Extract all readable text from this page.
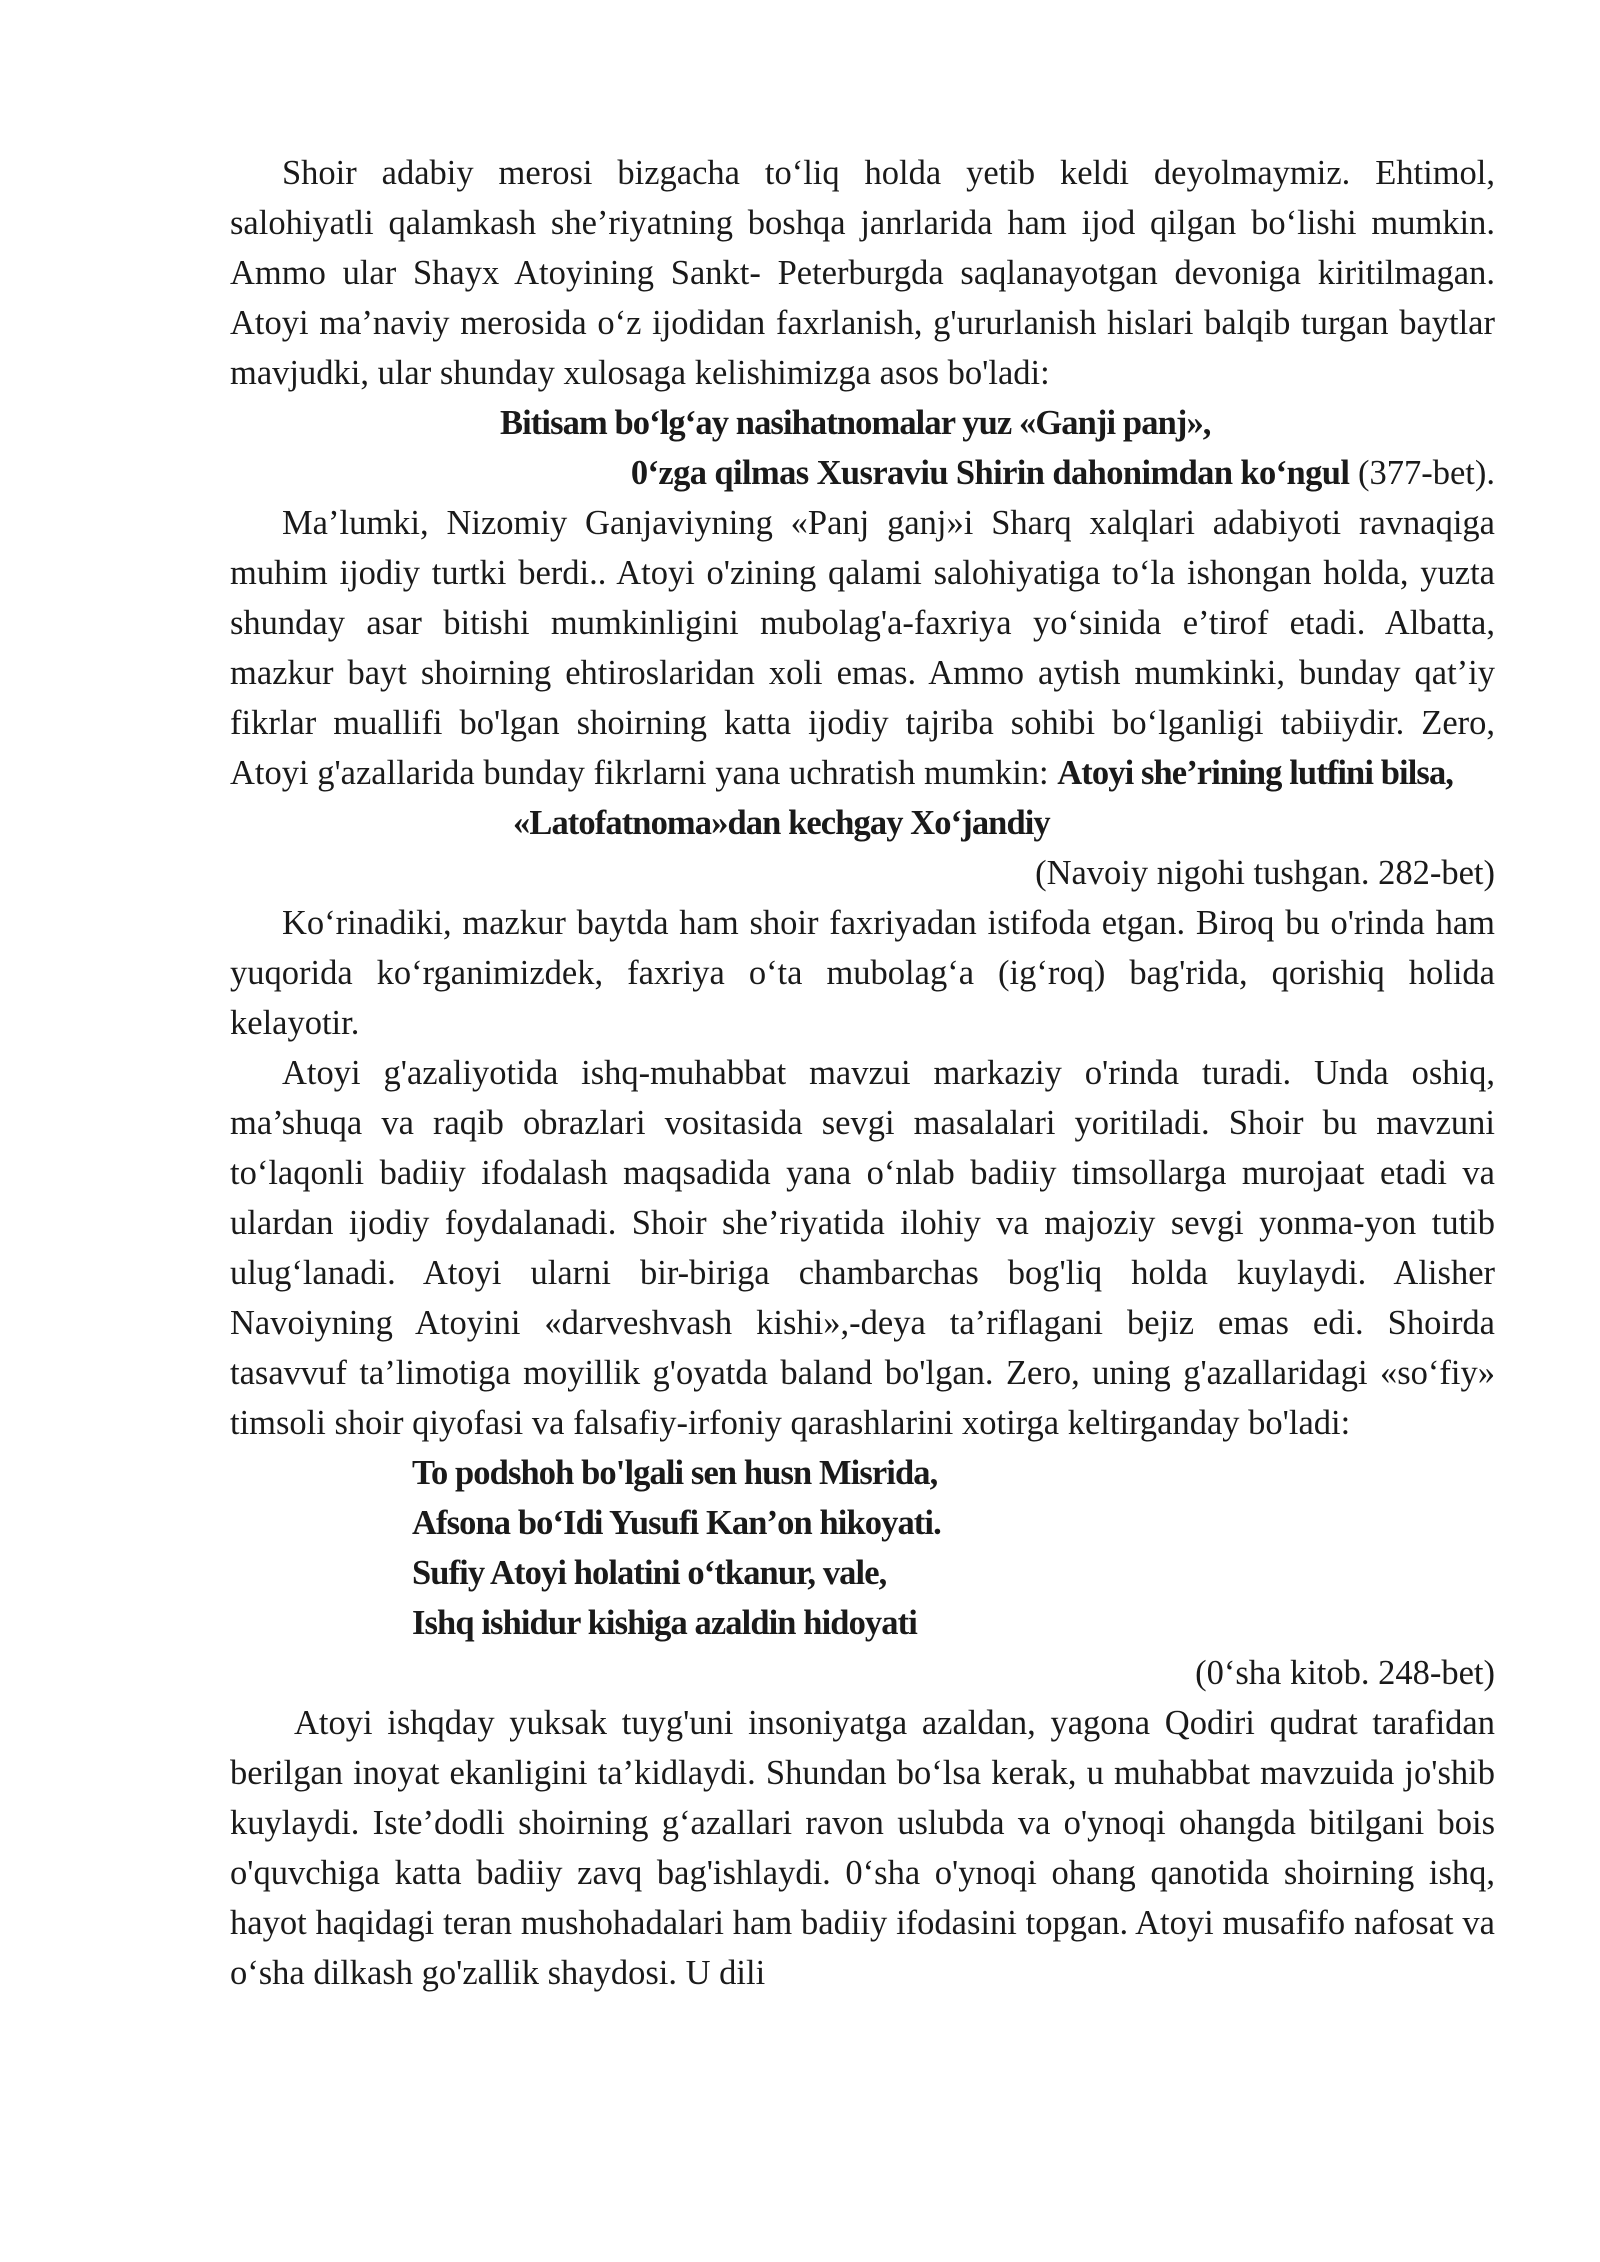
Shoir adabiy merosi bizgacha to‘liq holda yetib keldi deyolmaymiz. Ehtimol, salohiyatli qalamkash she’riyatning boshqa janrlarida ham ijod qilgan bo‘lishi mumkin. Ammo ular Shayx Atoyining Sankt- Peterburgda saqlanayotgan devoniga kiritilmagan. Atoyi ma’naviy merosida o‘z ijodidan faxrlanish, g'ururlanish hislari balqib turgan baytlar mavjudki, ular shunday xulosaga kelishimizga asos bo'ladi:

Bitisam bo‘lg‘ay nasihatnomalar yuz «Ganji panj»,

0‘zga qilmas Xusraviu Shirin dahonimdan ko‘ngul (377-bet).

Ma’lumki, Nizomiy Ganjaviyning «Panj ganj»i Sharq xalqlari adabiyoti ravnaqiga muhim ijodiy turtki berdi.. Atoyi o'zining qalami salohiyatiga to‘la ishongan holda, yuzta shunday asar bitishi mumkinligini mubolag'a-faxriya yo‘sinida e’tirof etadi. Albatta, mazkur bayt shoirning ehtiroslaridan xoli emas. Ammo aytish mumkinki, bunday qat’iy fikrlar muallifi bo'lgan shoirning katta ijodiy tajriba sohibi bo‘lganligi tabiiydir. Zero, Atoyi g'azallarida bunday fikrlarni yana uchratish mumkin: Atoyi she’rining lutfini bilsa,

«Latofatnoma»dan kechgay Xo‘jandiy

(Navoiy nigohi tushgan. 282-bet)

Ko‘rinadiki, mazkur baytda ham shoir faxriyadan istifoda etgan. Biroq bu o'rinda ham yuqorida ko‘rganimizdek, faxriya o‘ta mubolag‘a (ig‘roq) bag'rida, qorishiq holida kelayotir.

Atoyi g'azaliyotida ishq-muhabbat mavzui markaziy o'rinda turadi. Unda oshiq, ma’shuqa va raqib obrazlari vositasida sevgi masalalari yoritiladi. Shoir bu mavzuni to‘laqonli badiiy ifodalash maqsadida yana o‘nlab badiiy timsollarga murojaat etadi va ulardan ijodiy foydalanadi. Shoir she’riyatida ilohiy va majoziy sevgi yonma-yon tutib ulug‘lanadi. Atoyi ularni bir-biriga chambarchas bog'liq holda kuylaydi. Alisher Navoiyning Atoyini «darveshvash kishi»,-deya ta’riflagani bejiz emas edi. Shoirda tasavvuf ta’limotiga moyillik g'oyatda baland bo'lgan. Zero, uning g'azallaridagi «so‘fiy» timsoli shoir qiyofasi va falsafiy-irfoniy qarashlarini xotirga keltirganday bo'ladi:

To podshoh bo'lgali sen husn Misrida,

Afsona bo‘Idi Yusufi Kan’on hikoyati.

Sufiy Atoyi holatini o‘tkanur, vale,

Ishq ishidur kishiga azaldin hidoyati

(0‘sha kitob. 248-bet)

Atoyi ishqday yuksak tuyg'uni insoniyatga azaldan, yagona Qodiri qudrat tarafidan berilgan inoyat ekanligini ta’kidlaydi. Shundan bo‘lsa kerak, u muhabbat mavzuida jo'shib kuylaydi. Iste’dodli shoirning g‘azallari ravon uslubda va o'ynoqi ohangda bitilgani bois o'quvchiga katta badiiy zavq bag'ishlaydi. 0‘sha o'ynoqi ohang qanotida shoirning ishq, hayot haqidagi teran mushohadalari ham badiiy ifodasini topgan. Atoyi musafifo nafosat va o‘sha dilkash go'zallik shaydosi. U dili
